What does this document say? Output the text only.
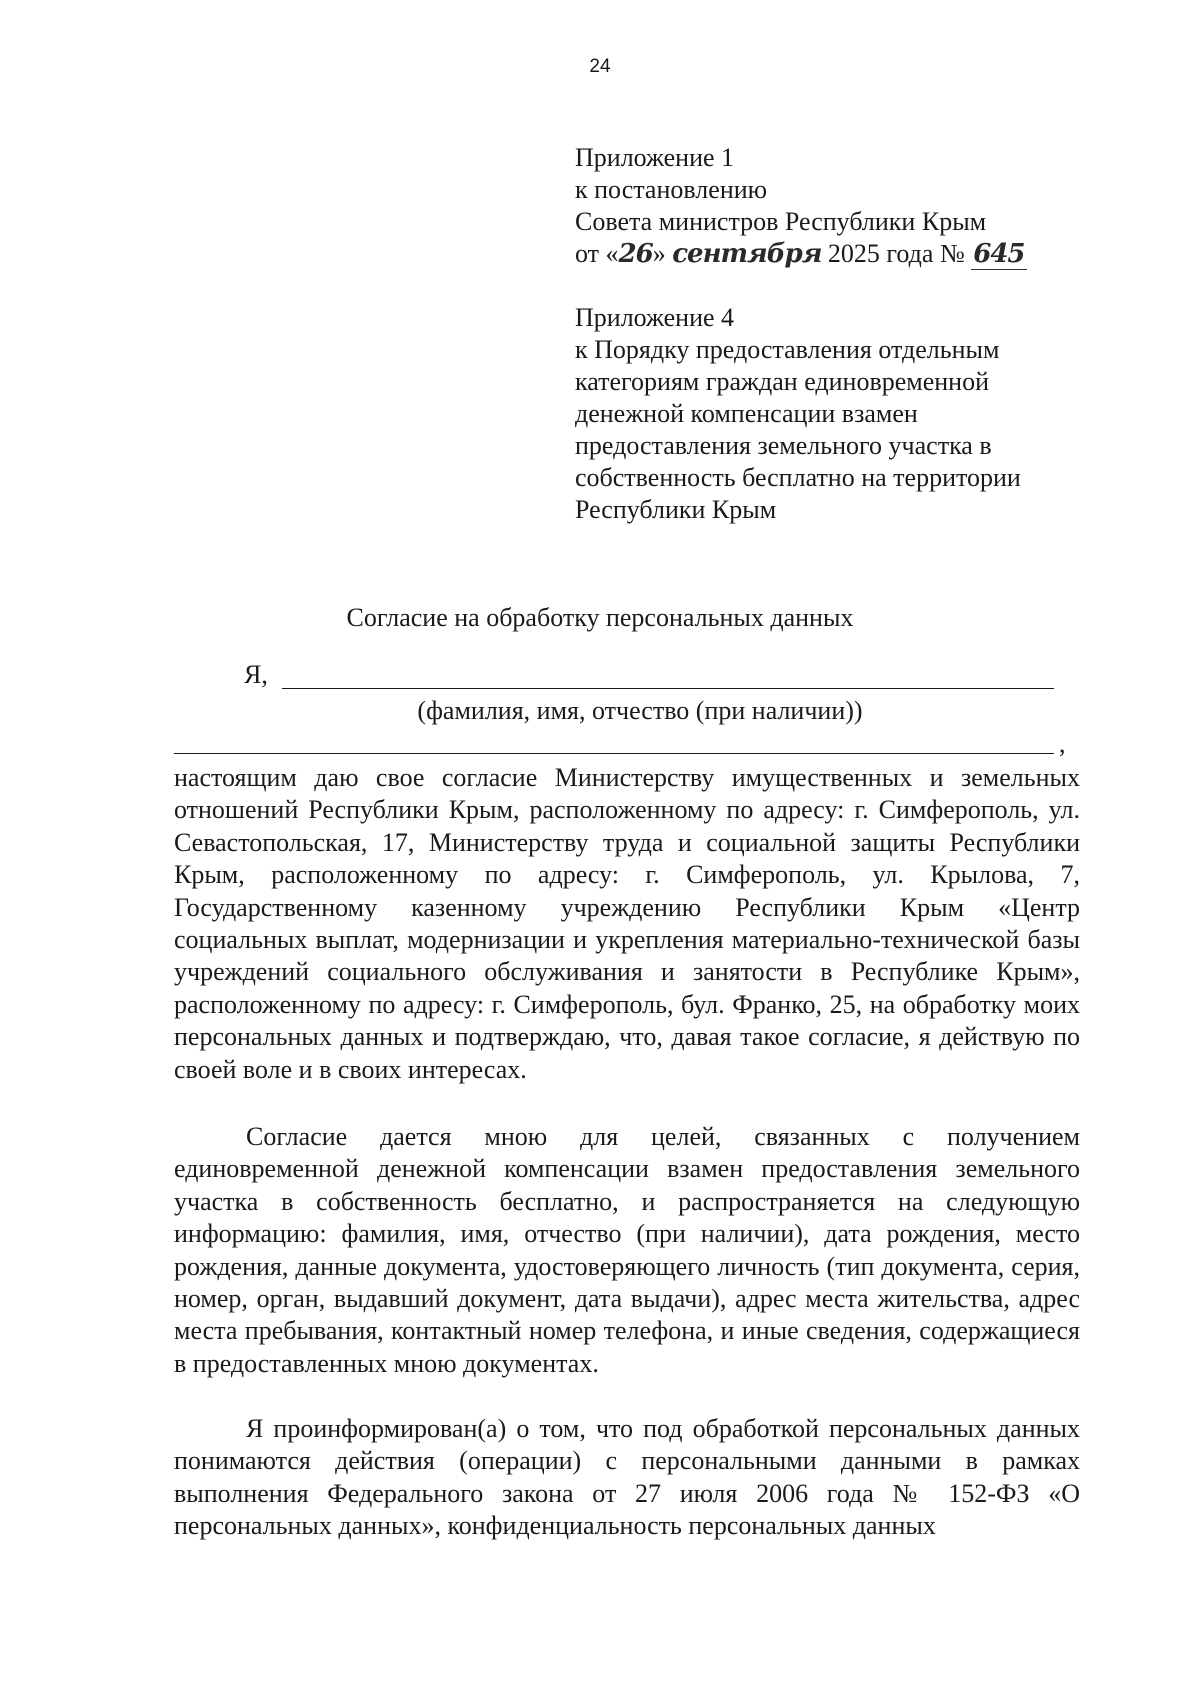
24
Приложение 1
к постановлению
Совета министров Республики Крым
от «26» сентября 2025 года № 645
Приложение 4
к Порядку предоставления отдельным
категориям граждан единовременной
денежной компенсации взамен
предоставления земельного участка в
собственность бесплатно на территории
Республики Крым
Согласие на обработку персональных данных
Я,
(фамилия, имя, отчество (при наличии))
,

настоящим даю свое согласие Министерству имущественных и земельных отношений Республики Крым, расположенному по адресу: г. Симферополь, ул. Севастопольская, 17, Министерству труда и социальной защиты Республики Крым, расположенному по адресу: г. Симферополь, ул. Крылова, 7, Государственному казенному учреждению Республики Крым «Центр социальных выплат, модернизации и укрепления материально-технической базы учреждений социального обслуживания и занятости в Республике Крым», расположенному по адресу: г. Симферополь, бул. Франко, 25, на обработку моих персональных данных и подтверждаю, что, давая такое согласие, я действую по своей воле и в своих интересах.

Согласие дается мною для целей, связанных с получением единовременной денежной компенсации взамен предоставления земельного участка в собственность бесплатно, и распространяется на следующую информацию: фамилия, имя, отчество (при наличии), дата рождения, место рождения, данные документа, удостоверяющего личность (тип документа, серия, номер, орган, выдавший документ, дата выдачи), адрес места жительства, адрес места пребывания, контактный номер телефона, и иные сведения, содержащиеся в предоставленных мною документах.

Я проинформирован(а) о том, что под обработкой персональных данных понимаются действия (операции) с персональными данными в рамках выполнения Федерального закона от 27 июля 2006 года № 152-ФЗ «О персональных данных», конфиденциальность персональных данных
